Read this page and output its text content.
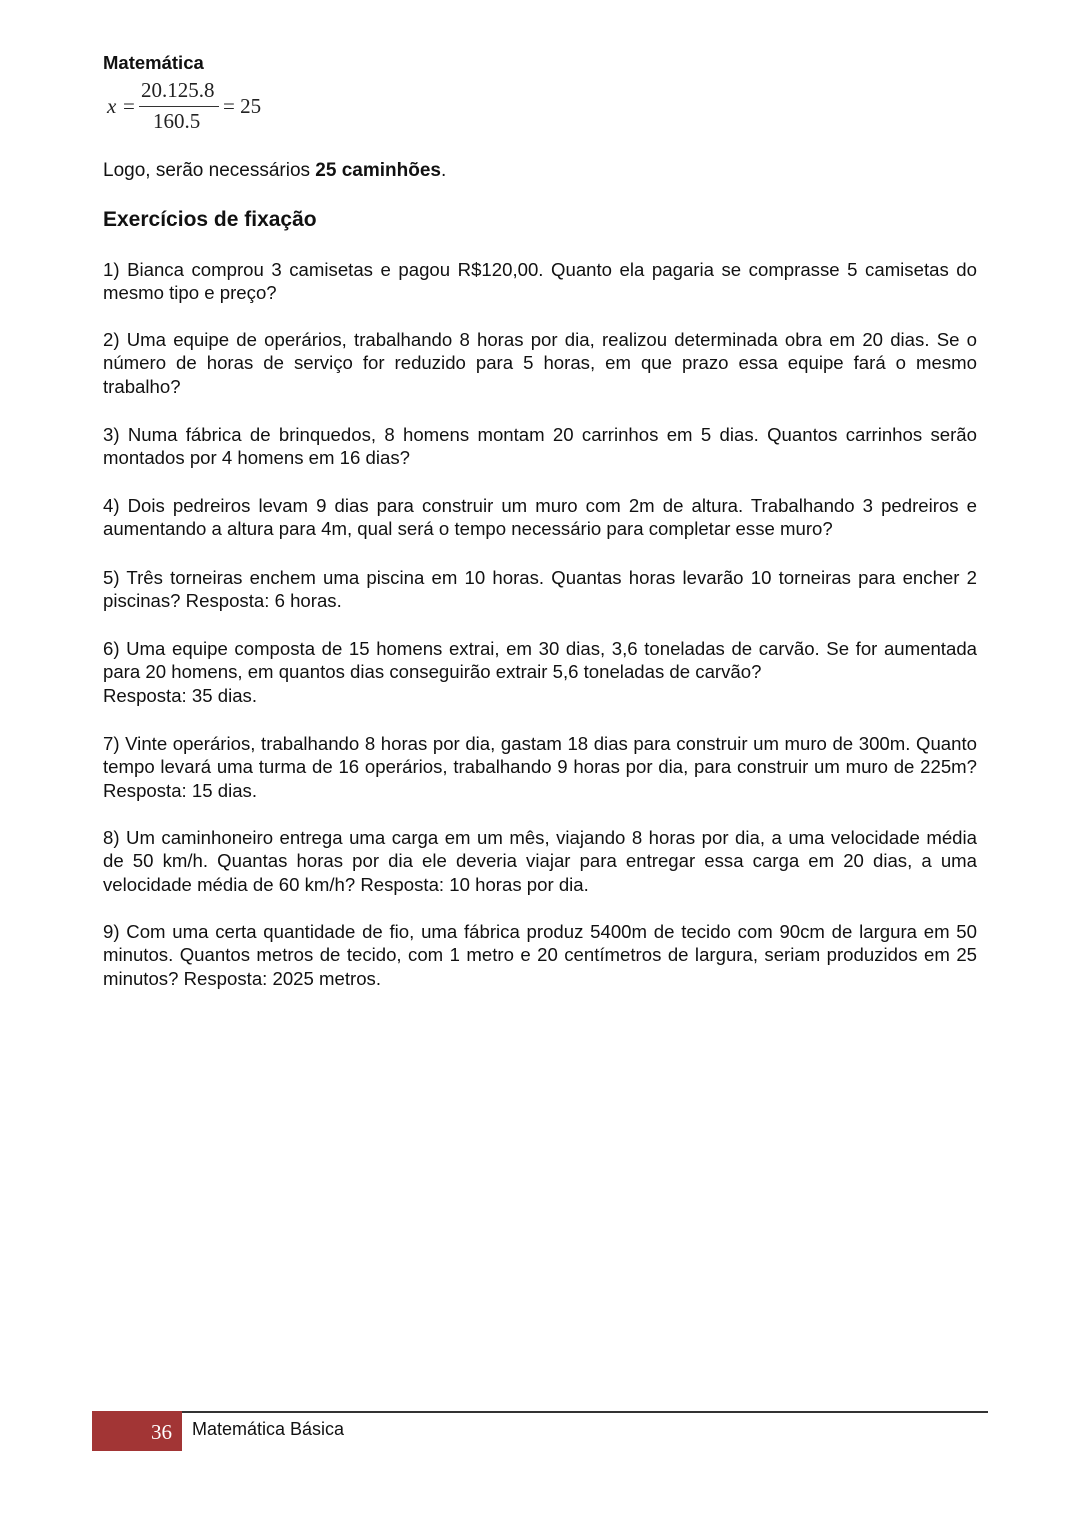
Matemática
x =
20.125.8
160.5
= 25
Logo, serão necessários 25 caminhões.
Exercícios de fixação
1) Bianca comprou 3 camisetas e pagou R$120,00. Quanto ela pagaria se comprasse 5 camisetas do mesmo tipo e preço?
2) Uma equipe de operários, trabalhando 8 horas por dia, realizou determinada obra em 20 dias. Se o número de horas de serviço for reduzido para 5 horas, em que prazo essa equipe fará o mesmo trabalho?
3) Numa fábrica de brinquedos, 8 homens montam 20 carrinhos em 5 dias. Quantos carrinhos serão montados por 4 homens em 16 dias?
4) Dois pedreiros levam 9 dias para construir um muro com 2m de altura. Trabalhando 3 pedreiros e aumentando a altura para 4m, qual será o tempo necessário para completar esse muro?
5) Três torneiras enchem uma piscina em 10 horas. Quantas horas levarão 10 torneiras para encher 2 piscinas? Resposta: 6 horas.
6) Uma equipe composta de 15 homens extrai, em 30 dias, 3,6 toneladas de carvão. Se for aumentada para 20 homens, em quantos dias conseguirão extrair 5,6 toneladas de carvão?
Resposta: 35 dias.
7) Vinte operários, trabalhando 8 horas por dia, gastam 18 dias para construir um muro de 300m. Quanto tempo levará uma turma de 16 operários, trabalhando 9 horas por dia, para construir um muro de 225m? Resposta: 15 dias.
8) Um caminhoneiro entrega uma carga em um mês, viajando 8 horas por dia, a uma velocidade média de 50 km/h. Quantas horas por dia ele deveria viajar para entregar essa carga em 20 dias, a uma velocidade média de 60 km/h? Resposta: 10 horas por dia.
9) Com uma certa quantidade de fio, uma fábrica produz 5400m de tecido com 90cm de largura em 50 minutos. Quantos metros de tecido, com 1 metro e 20 centímetros de largura, seriam produzidos em 25 minutos? Resposta: 2025 metros.
36	Matemática Básica
